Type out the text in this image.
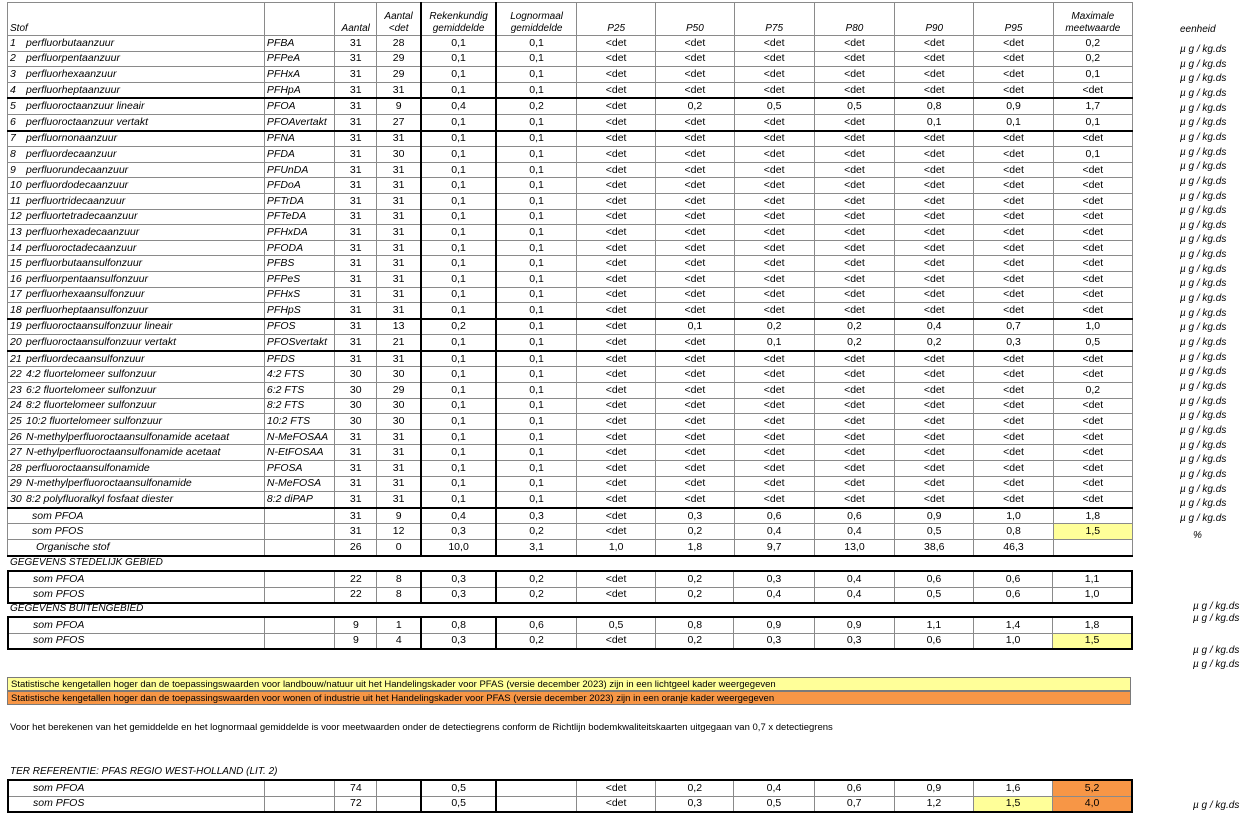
Stof		Aantal	Aantal <det	Rekenkundig gemiddelde	Lognormaal gemiddelde	P25	P50	P75	P80	P90	P95	Maximale meetwaarde
1 perfluorbutaanzuur	PFBA	31	28	0,1	0,1	<det	<det	<det	<det	<det	<det	0,2
2 perfluorpentaanzuur	PFPeA	31	29	0,1	0,1	<det	<det	<det	<det	<det	<det	0,2
3 perfluorhexaanzuur	PFHxA	31	29	0,1	0,1	<det	<det	<det	<det	<det	<det	0,1
4 perfluorheptaanzuur	PFHpA	31	31	0,1	0,1	<det	<det	<det	<det	<det	<det	<det
5 perfluoroctaanzuur lineair	PFOA	31	9	0,4	0,2	<det	0,2	0,5	0,5	0,8	0,9	1,7
6 perfluoroctaanzuur vertakt	PFOAvertakt	31	27	0,1	0,1	<det	<det	<det	<det	0,1	0,1	0,1
7 perfluornonaanzuur	PFNA	31	31	0,1	0,1	<det	<det	<det	<det	<det	<det	<det
8 perfluordecaanzuur	PFDA	31	30	0,1	0,1	<det	<det	<det	<det	<det	<det	0,1
9 perfluorundecaanzuur	PFUnDA	31	31	0,1	0,1	<det	<det	<det	<det	<det	<det	<det
10 perfluordodecaanzuur	PFDoA	31	31	0,1	0,1	<det	<det	<det	<det	<det	<det	<det
11 perfluortridecaanzuur	PFTrDA	31	31	0,1	0,1	<det	<det	<det	<det	<det	<det	<det
12 perfluortetradecaanzuur	PFTeDA	31	31	0,1	0,1	<det	<det	<det	<det	<det	<det	<det
13 perfluorhexadecaanzuur	PFHxDA	31	31	0,1	0,1	<det	<det	<det	<det	<det	<det	<det
14 perfluoroctadecaanzuur	PFODA	31	31	0,1	0,1	<det	<det	<det	<det	<det	<det	<det
15 perfluorbutaansulfonzuur	PFBS	31	31	0,1	0,1	<det	<det	<det	<det	<det	<det	<det
16 perfluorpentaansulfonzuur	PFPeS	31	31	0,1	0,1	<det	<det	<det	<det	<det	<det	<det
17 perfluorhexaansulfonzuur	PFHxS	31	31	0,1	0,1	<det	<det	<det	<det	<det	<det	<det
18 perfluorheptaansulfonzuur	PFHpS	31	31	0,1	0,1	<det	<det	<det	<det	<det	<det	<det
19 perfluoroctaansulfonzuur lineair	PFOS	31	13	0,2	0,1	<det	0,1	0,2	0,2	0,4	0,7	1,0
20 perfluoroctaansulfonzuur vertakt	PFOSvertakt	31	21	0,1	0,1	<det	<det	0,1	0,2	0,2	0,3	0,5
21 perfluordecaansulfonzuur	PFDS	31	31	0,1	0,1	<det	<det	<det	<det	<det	<det	<det
22 4:2 fluortelomeer sulfonzuur	4:2 FTS	30	30	0,1	0,1	<det	<det	<det	<det	<det	<det	<det
23 6:2 fluortelomeer sulfonzuur	6:2 FTS	30	29	0,1	0,1	<det	<det	<det	<det	<det	<det	0,2
24 8:2 fluortelomeer sulfonzuur	8:2 FTS	30	30	0,1	0,1	<det	<det	<det	<det	<det	<det	<det
25 10:2 fluortelomeer sulfonzuur	10:2 FTS	30	30	0,1	0,1	<det	<det	<det	<det	<det	<det	<det
26 N-methylperfluoroctaansulfonamide acetaat	N-MeFOSAA	31	31	0,1	0,1	<det	<det	<det	<det	<det	<det	<det
27 N-ethylperfluoroctaansulfonamide acetaat	N-EtFOSAA	31	31	0,1	0,1	<det	<det	<det	<det	<det	<det	<det
28 perfluoroctaansulfonamide	PFOSA	31	31	0,1	0,1	<det	<det	<det	<det	<det	<det	<det
29 N-methylperfluoroctaansulfonamide	N-MeFOSA	31	31	0,1	0,1	<det	<det	<det	<det	<det	<det	<det
30 8:2 polyfluoralkyl fosfaat diester	8:2 diPAP	31	31	0,1	0,1	<det	<det	<det	<det	<det	<det	<det
som PFOA		31	9	0,4	0,3	<det	0,3	0,6	0,6	0,9	1,0	1,8
som PFOS		31	12	0,3	0,2	<det	0,2	0,4	0,4	0,5	0,8	1,5
Organische stof		26	0	10,0	3,1	1,0	1,8	9,7	13,0	38,6	46,3	
eenheid
µ g / kg.ds
µ g / kg.ds
µ g / kg.ds
µ g / kg.ds
µ g / kg.ds
µ g / kg.ds
µ g / kg.ds
µ g / kg.ds
µ g / kg.ds
µ g / kg.ds
µ g / kg.ds
µ g / kg.ds
µ g / kg.ds
µ g / kg.ds
µ g / kg.ds
µ g / kg.ds
µ g / kg.ds
µ g / kg.ds
µ g / kg.ds
µ g / kg.ds
µ g / kg.ds
µ g / kg.ds
µ g / kg.ds
µ g / kg.ds
µ g / kg.ds
µ g / kg.ds
µ g / kg.ds
µ g / kg.ds
µ g / kg.ds
µ g / kg.ds
µ g / kg.ds
µ g / kg.ds
µ g / kg.ds
%
GEGEVENS STEDELIJK GEBIED
som PFOA		22	8	0,3	0,2	<det	0,2	0,3	0,4	0,6	0,6	1,1
som PFOS		22	8	0,3	0,2	<det	0,2	0,4	0,4	0,5	0,6	1,0
GEGEVENS BUITENGEBIED
som PFOA		9	1	0,8	0,6	0,5	0,8	0,9	0,9	1,1	1,4	1,8
som PFOS		9	4	0,3	0,2	<det	0,2	0,3	0,3	0,6	1,0	1,5
Statistische kengetallen hoger dan de toepassingswaarden voor landbouw/natuur uit het Handelingskader voor PFAS (versie december 2023) zijn in een lichtgeel kader weergegeven
Statistische kengetallen hoger dan de toepassingswaarden voor wonen of industrie uit het Handelingskader voor PFAS (versie december 2023) zijn in een oranje kader weergegeven
Voor het berekenen van het gemiddelde en het lognormaal gemiddelde is voor meetwaarden onder de detectiegrens conform de Richtlijn bodemkwaliteitskaarten uitgegaan van 0,7 x detectiegrens
TER REFERENTIE: PFAS REGIO WEST-HOLLAND (LIT. 2)
som PFOA		74		0,5		<det	0,2	0,4	0,6	0,9	1,6	5,2
som PFOS		72		0,5		<det	0,3	0,5	0,7	1,2	1,5	4,0
µ g / kg.ds
µ g / kg.ds
µ g / kg.ds
µ g / kg.ds
µ g / kg.ds
